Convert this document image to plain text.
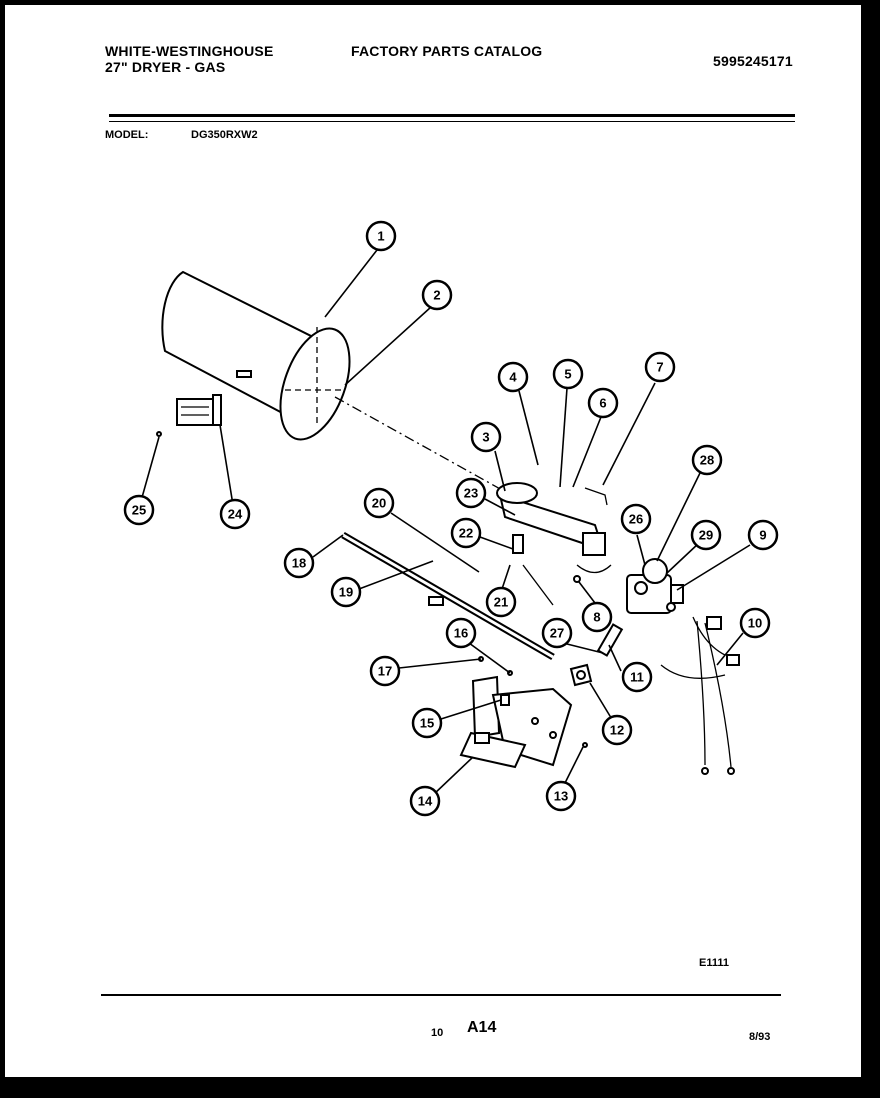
WHITE-WESTINGHOUSE
27" DRYER - GAS
FACTORY PARTS CATALOG
5995245171
MODEL:	DG350RXW2
1
2
3
4	5
6
7
8
9
10
11
12
13
14
15
16
17
18
19
20
21
22
23
24
25
26
27
28
29
E1111
10 A14
8/93
